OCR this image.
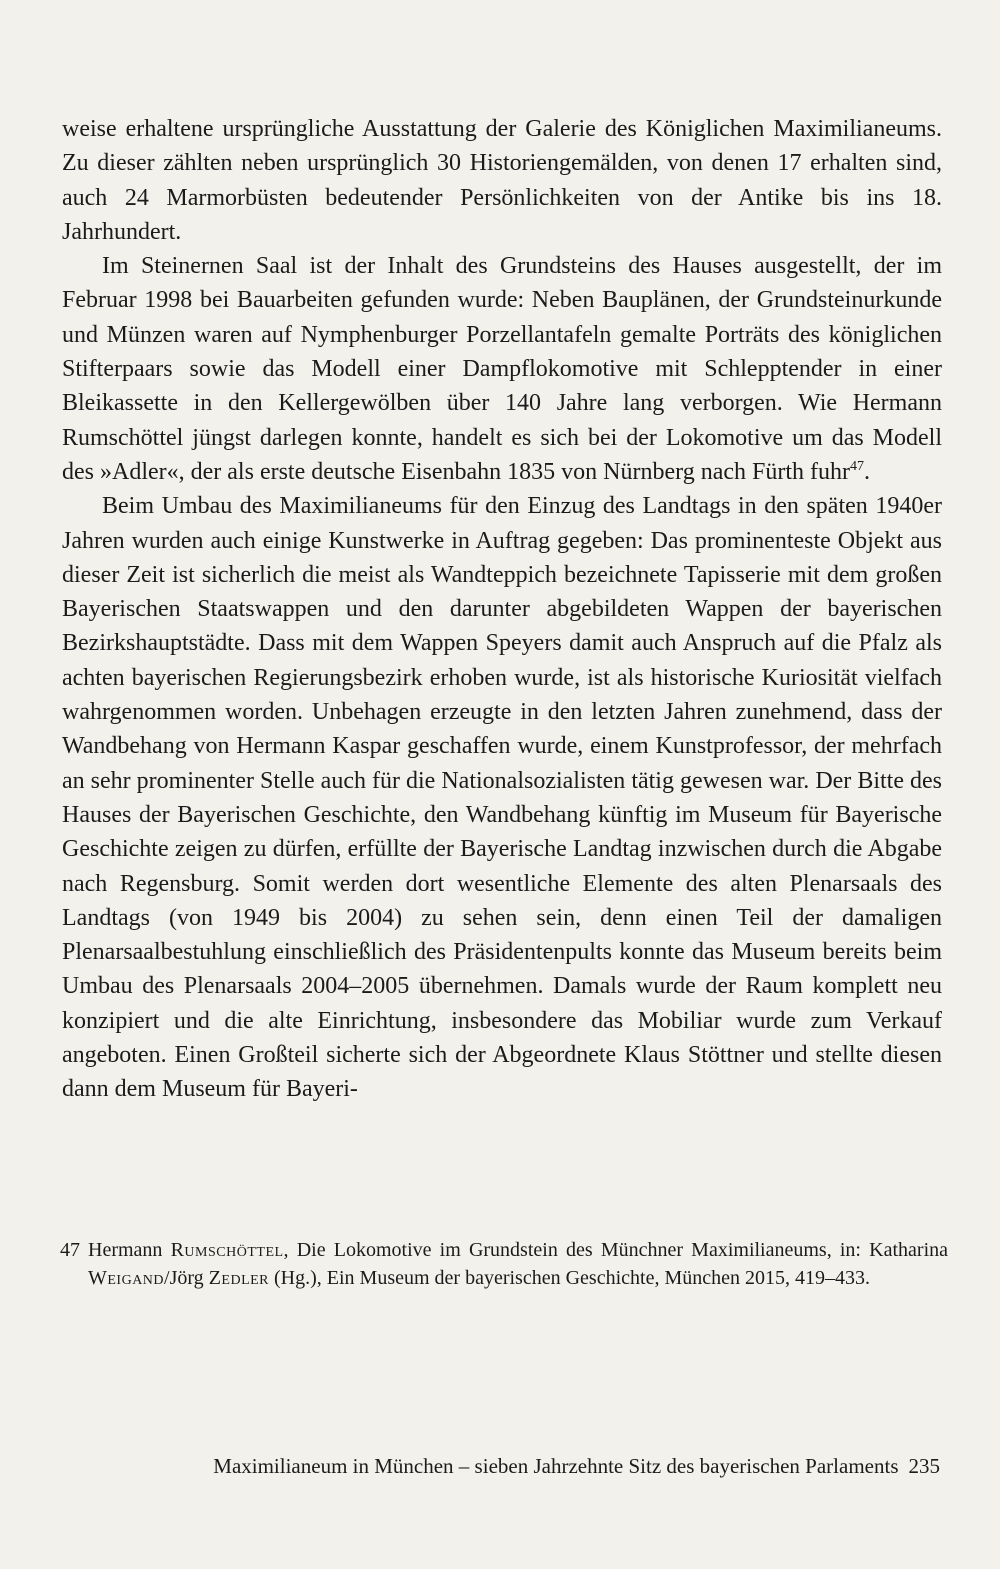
weise erhaltene ursprüngliche Ausstattung der Galerie des Königlichen Maximilianeums. Zu dieser zählten neben ursprünglich 30 Historiengemälden, von denen 17 erhalten sind, auch 24 Marmorbüsten bedeutender Persönlichkeiten von der Antike bis ins 18. Jahrhundert.

Im Steinernen Saal ist der Inhalt des Grundsteins des Hauses ausgestellt, der im Februar 1998 bei Bauarbeiten gefunden wurde: Neben Bauplänen, der Grundsteinurkunde und Münzen waren auf Nymphenburger Porzellantafeln gemalte Porträts des königlichen Stifterpaars sowie das Modell einer Dampflokomotive mit Schlepptender in einer Bleikassette in den Kellergewölben über 140 Jahre lang verborgen. Wie Hermann Rumschöttel jüngst darlegen konnte, handelt es sich bei der Lokomotive um das Modell des »Adler«, der als erste deutsche Eisenbahn 1835 von Nürnberg nach Fürth fuhr$^{47}$.

Beim Umbau des Maximilianeums für den Einzug des Landtags in den späten 1940er Jahren wurden auch einige Kunstwerke in Auftrag gegeben: Das prominenteste Objekt aus dieser Zeit ist sicherlich die meist als Wandteppich bezeichnete Tapisserie mit dem großen Bayerischen Staatswappen und den darunter abgebildeten Wappen der bayerischen Bezirkshauptstädte. Dass mit dem Wappen Speyers damit auch Anspruch auf die Pfalz als achten bayerischen Regierungsbezirk erhoben wurde, ist als historische Kuriosität vielfach wahrgenommen worden. Unbehagen erzeugte in den letzten Jahren zunehmend, dass der Wandbehang von Hermann Kaspar geschaffen wurde, einem Kunstprofessor, der mehrfach an sehr prominenter Stelle auch für die Nationalsozialisten tätig gewesen war. Der Bitte des Hauses der Bayerischen Geschichte, den Wandbehang künftig im Museum für Bayerische Geschichte zeigen zu dürfen, erfüllte der Bayerische Landtag inzwischen durch die Abgabe nach Regensburg. Somit werden dort wesentliche Elemente des alten Plenarsaals des Landtags (von 1949 bis 2004) zu sehen sein, denn einen Teil der damaligen Plenarsaalbestuhlung einschließlich des Präsidentenpults konnte das Museum bereits beim Umbau des Plenarsaals 2004–2005 übernehmen. Damals wurde der Raum komplett neu konzipiert und die alte Einrichtung, insbesondere das Mobiliar wurde zum Verkauf angeboten. Einen Großteil sicherte sich der Abgeordnete Klaus Stöttner und stellte diesen dann dem Museum für Bayeri-

47 Hermann Rumschöttel, Die Lokomotive im Grundstein des Münchner Maximilianeums, in: Katharina Weigand/Jörg Zedler (Hg.), Ein Museum der bayerischen Geschichte, München 2015, 419–433.

Maximilianeum in München – sieben Jahrzehnte Sitz des bayerischen Parlaments 235
